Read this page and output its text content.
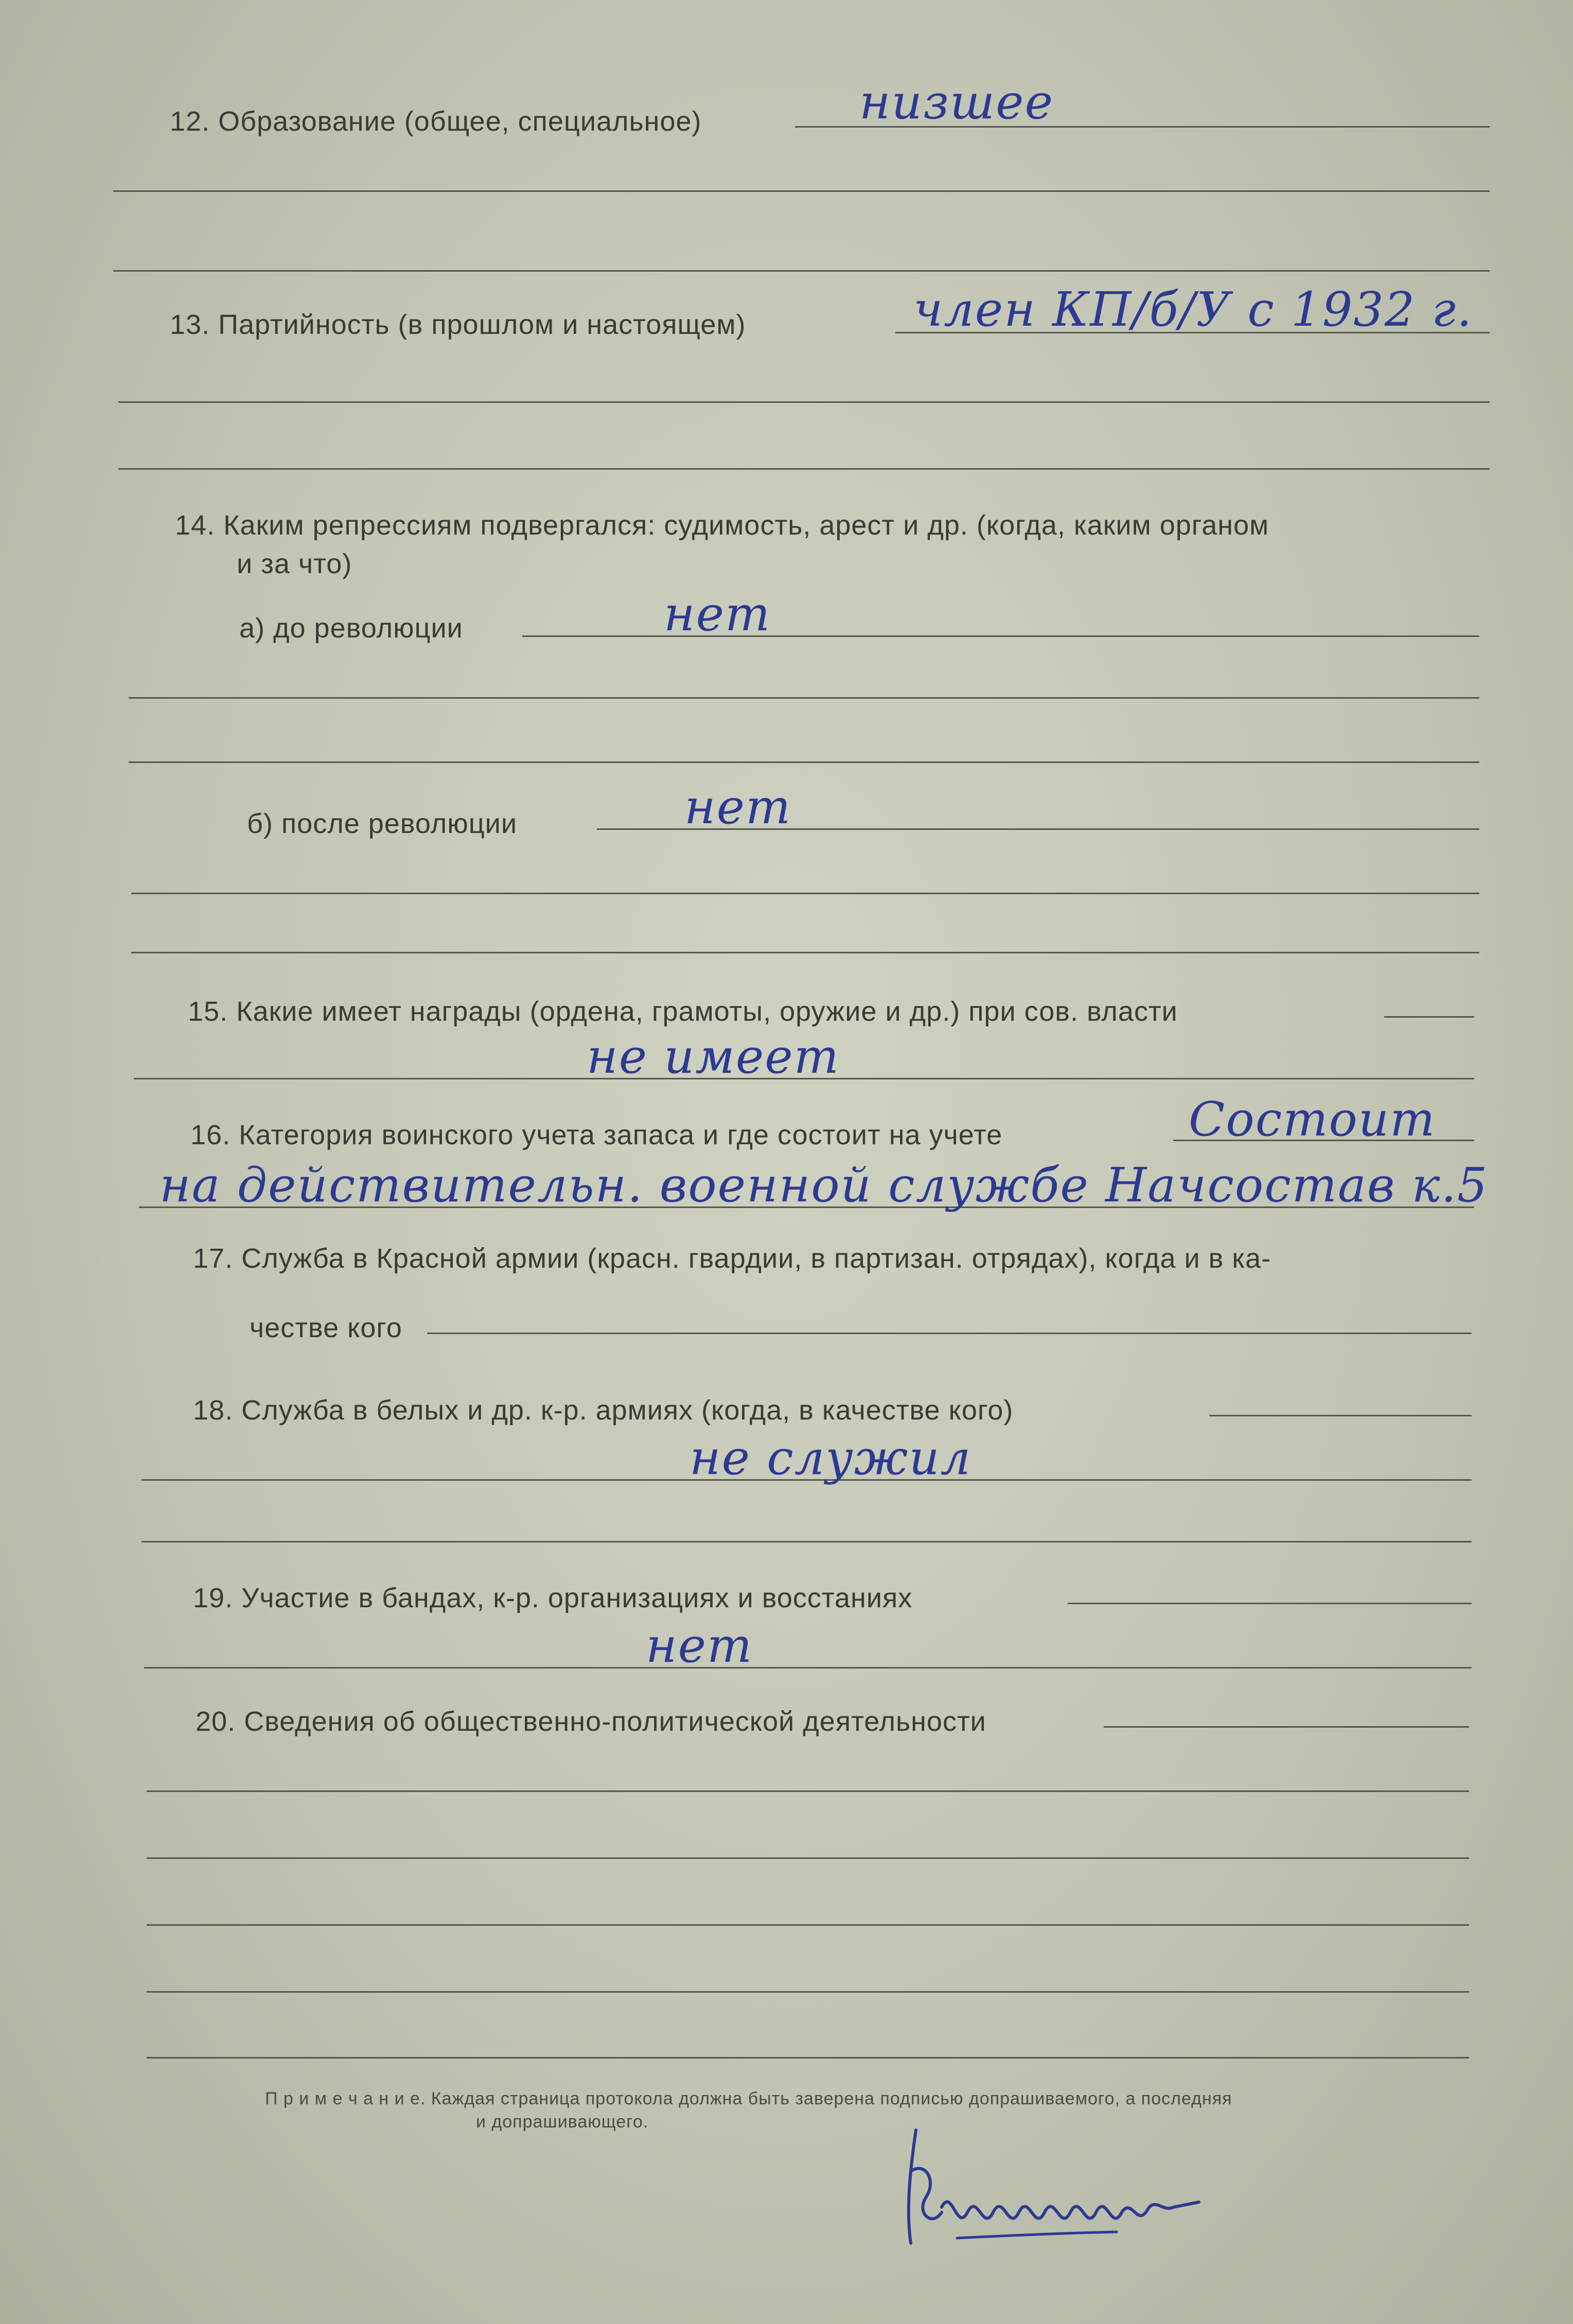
12. Образование (общее, специальное)	низшее
13. Партийность (в прошлом и настоящем)	член КП/б/У с 1932 г.
14. Каким репрессиям подвергался: судимость, арест и др. (когда, каким органом
и за что)
а) до революции	нет
б) после революции	нет
15. Какие имеет награды (ордена, грамоты, оружие и др.) при сов. власти
не имеет
16. Категория воинского учета запаса и где состоит на учете	Состоит
на действительн. военной службе Начсостав к.5
17. Служба в Красной армии (красн. гвардии, в партизан. отрядах), когда и в ка-
честве кого
18. Служба в белых и др. к-р. армиях (когда, в качестве кого)
не служил
19. Участие в бандах, к-р. организациях и восстаниях
нет
20. Сведения об общественно-политической деятельности
П р и м е ч а н и е. Каждая страница протокола должна быть заверена подписью допрашиваемого, а последняя
и допрашивающего.
